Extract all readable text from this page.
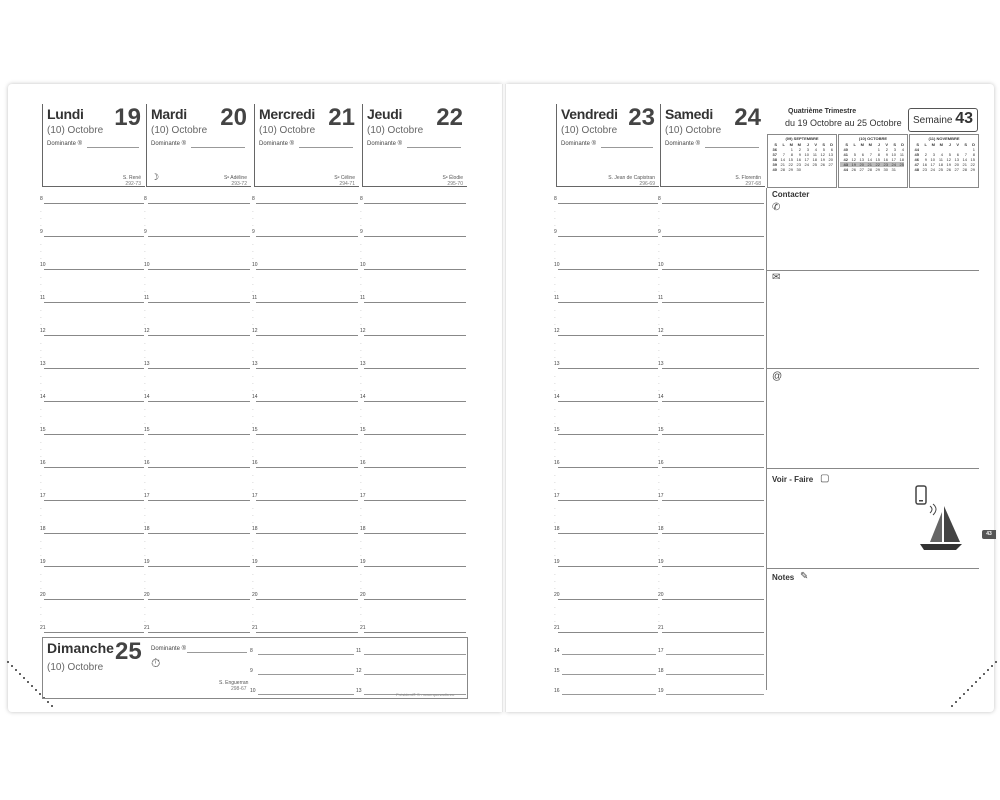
Lundi 19
(10) Octobre
Dominante ®
S. René
292-73
Mardi 20
(10) Octobre
Dominante ®
☽	Sᵉ Adéline
293-72
Mercredi 21
(10) Octobre
Dominante ®
Sᵉ Céline
294-71
Jeudi 22
(10) Octobre
Dominante ®
Sᵉ Élodie
295-70
Vendredi 23
(10) Octobre
Dominante ®
S. Jean de Capistran
296-69
Samedi 24
(10) Octobre
Dominante ®
S. Florentin
297-68
8
-
-
-
9
-
-
-
10
-
-
-
11
-
-
-
12
-
-
-
13
-
-
-
14
-
-
-
15
-
-
-
16
-
-
-
17
-
-
-
18
-
-
-
19
-
-
-
20
-
-
-
21
8
-
-
-
9
-
-
-
10
-
-
-
11
-
-
-
12
-
-
-
13
-
-
-
14
-
-
-
15
-
-
-
16
-
-
-
17
-
-
-
18
-
-
-
19
-
-
-
20
-
-
-
21
8
-
-
-
9
-
-
-
10
-
-
-
11
-
-
-
12
-
-
-
13
-
-
-
14
-
-
-
15
-
-
-
16
-
-
-
17
-
-
-
18
-
-
-
19
-
-
-
20
-
-
-
21
8
-
-
-
9
-
-
-
10
-
-
-
11
-
-
-
12
-
-
-
13
-
-
-
14
-
-
-
15
-
-
-
16
-
-
-
17
-
-
-
18
-
-
-
19
-
-
-
20
-
-
-
21
8
-
-
-
9
-
-
-
10
-
-
-
11
-
-
-
12
-
-
-
13
-
-
-
14
-
-
-
15
-
-
-
16
-
-
-
17
-
-
-
18
-
-
-
19
-
-
-
20
-
-
-
21
8
-
-
-
9
-
-
-
10
-
-
-
11
-
-
-
12
-
-
-
13
-
-
-
14
-
-
-
15
-
-
-
16
-
-
-
17
-
-
-
18
-
-
-
19
-
-
-
20
-
-
-
21
Dimanche 25
(10) Octobre
Dominante ®
⏱
S. Enguerran
298-67
8	11
9	12
10	13
Président® S - www.quovadis.eu
14	17
15	18
16	19
Quatrième Trimestre
du 19 Octobre au 25 Octobre Semaine 43
(09) SEPTEMBRE
S	L	M	M	J	V	S	D
36		1	2	3	4	5	6
37	7	8	9	10	11	12	13
38	14	15	16	17	18	19	20
39	21	22	23	24	25	26	27
40	28	29	30				
(10) OCTOBRE
S	L	M	M	J	V	S	D
40				1	2	3	4
41	5	6	7	8	9	10	11
42	12	13	14	15	16	17	18
43	19	20	21	22	23	24	25
44	26	27	28	29	30	31	
(11) NOVEMBRE
S	L	M	M	J	V	S	D
44							1
45	2	3	4	5	6	7	8
46	9	10	11	12	13	14	15
47	16	17	18	19	20	21	22
48	23	24	25	26	27	28	29
Contacter
✆
✉
@
Voir - Faire ▢
Notes ✎
43
